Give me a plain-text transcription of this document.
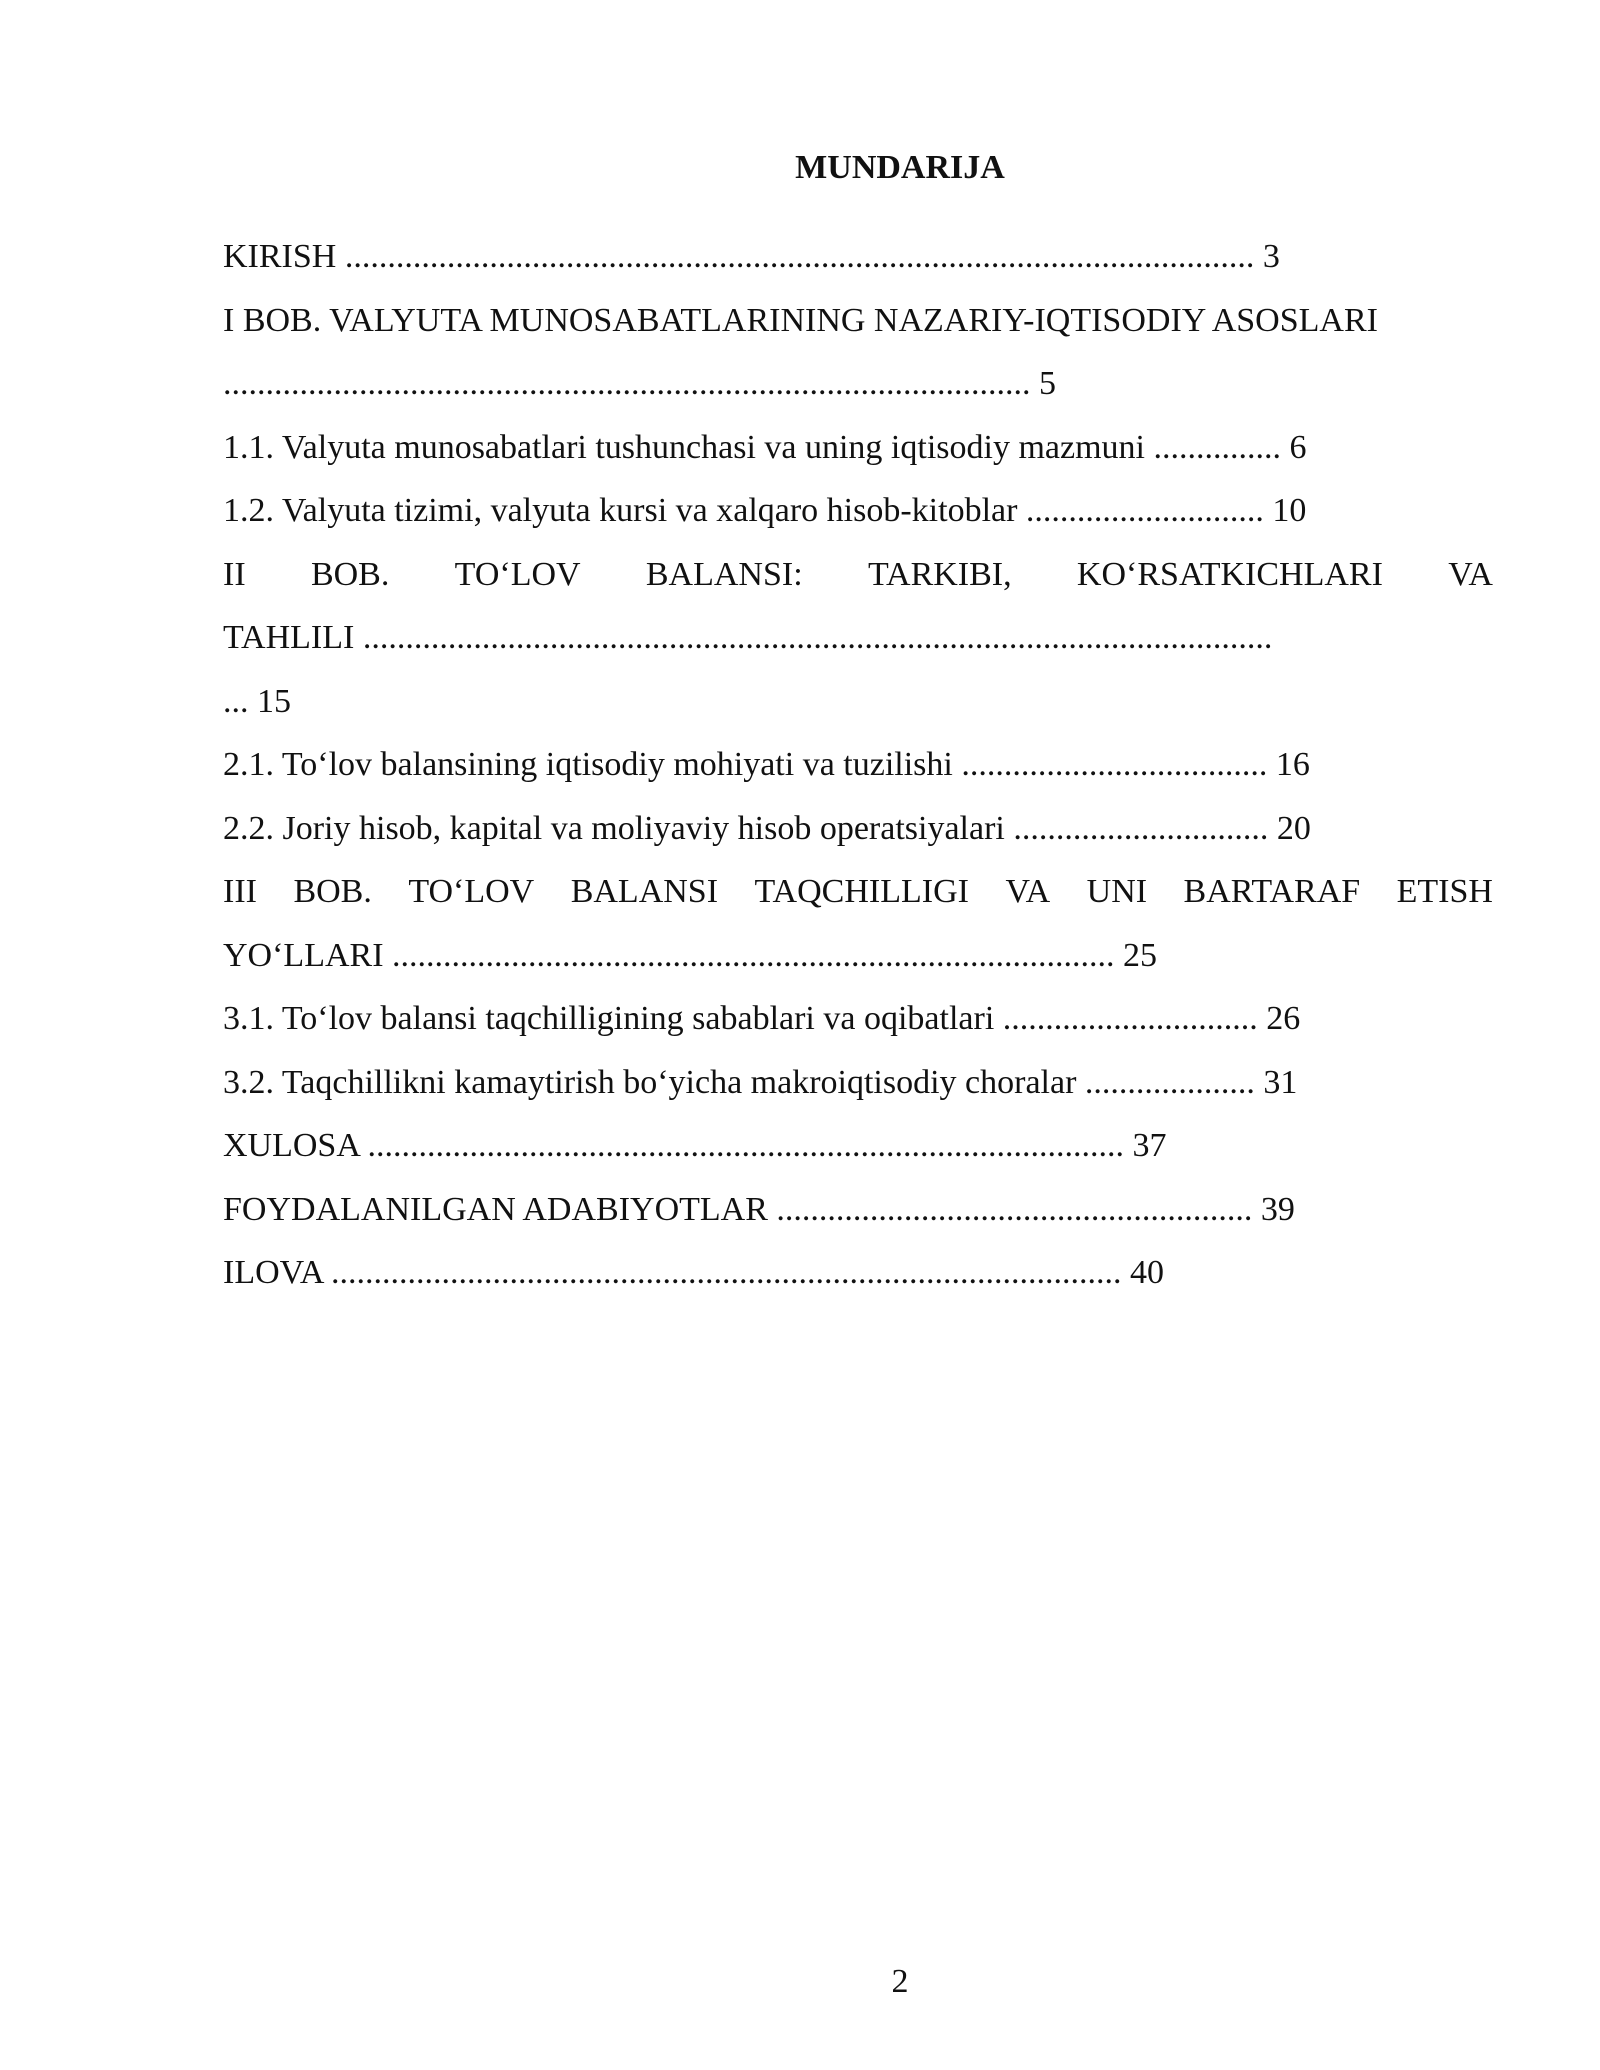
MUNDARIJA
KIRISH ........................................................................................................... 3
I BOB. VALYUTA MUNOSABATLARINING NAZARIY-IQTISODIY ASOSLARI
............................................................................................... 5
1.1. Valyuta munosabatlari tushunchasi va uning iqtisodiy mazmuni ............... 6
1.2. Valyuta tizimi, valyuta kursi va xalqaro hisob-kitoblar ............................ 10
II BOB. TO‘LOV BALANSI: TARKIBI, KO‘RSATKICHLARI VA
TAHLILI ...........................................................................................................
... 15
2.1. To‘lov balansining iqtisodiy mohiyati va tuzilishi .................................... 16
2.2. Joriy hisob, kapital va moliyaviy hisob operatsiyalari .............................. 20
III BOB. TO‘LOV BALANSI TAQCHILLIGI VA UNI BARTARAF ETISH
YO‘LLARI ..................................................................................... 25
3.1. To‘lov balansi taqchilligining sabablari va oqibatlari .............................. 26
3.2. Taqchillikni kamaytirish bo‘yicha makroiqtisodiy choralar .................... 31
XULOSA ......................................................................................... 37
FOYDALANILGAN ADABIYOTLAR ........................................................ 39
ILOVA ............................................................................................. 40
2
